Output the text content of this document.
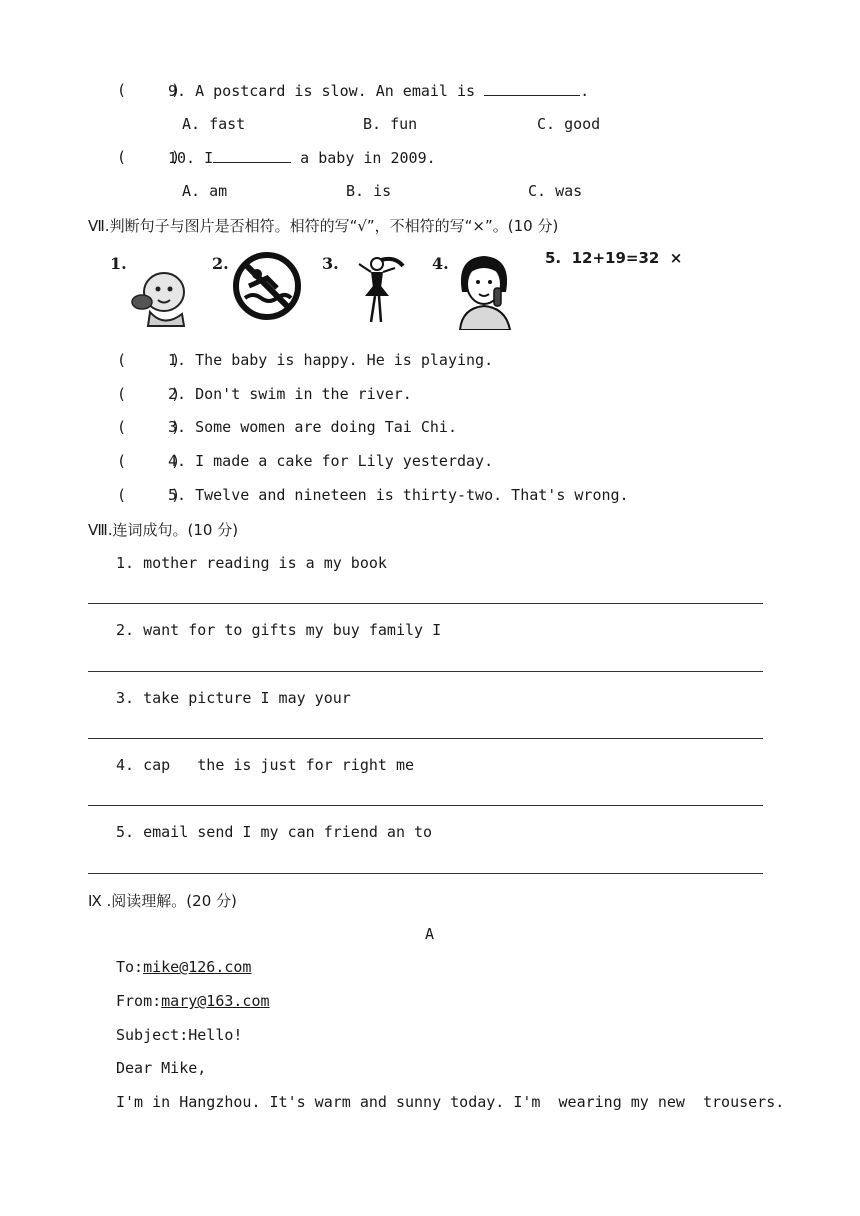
(     )
9. A postcard is slow. An email is	.
A. fast	B. fun	C. good
(     )
10. I	a baby in 2009.
A. am	B. is	C. was
Ⅶ.判断句子与图片是否相符。相符的写“√”，不相符的写“×”。(10 分)
1.	2.	3.	4.	5.  12+19=32  ×
(     )
1. The baby is happy. He is playing.
(     )
2. Don't swim in the river.
(     )
3. Some women are doing Tai Chi.
(     )
4. I made a cake for Lily yesterday.
(     )
5. Twelve and nineteen is thirty-two. That's wrong.
Ⅷ.连词成句。(10 分)
1. mother reading is a my book
2. want for to gifts my buy family I
3. take picture I may your
4. cap   the is just for right me
5. email send I my can friend an to
Ⅸ .阅读理解。(20 分)
A
To:mike@126.com
From:mary@163.com
Subject:Hello!
Dear Mike,
I'm in Hangzhou. It's warm and sunny today. I'm  wearing my new  trousers.
